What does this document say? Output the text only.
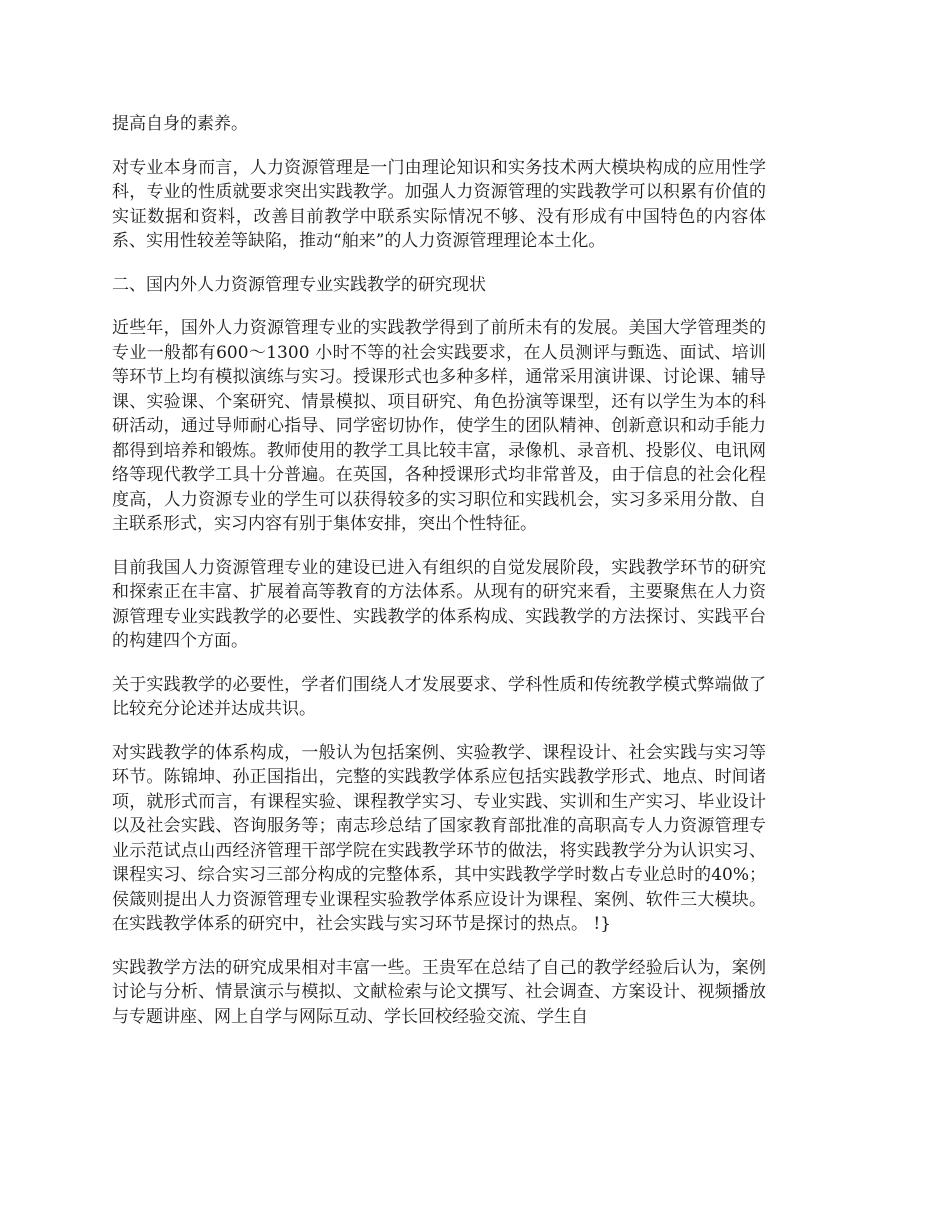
提高自身的素养。

对专业本身而言，人力资源管理是一门由理论知识和实务技术两大模块构成的应用性学科，专业的性质就要求突出实践教学。加强人力资源管理的实践教学可以积累有价值的实证数据和资料，改善目前教学中联系实际情况不够、没有形成有中国特色的内容体系、实用性较差等缺陷，推动“舶来”的人力资源管理理论本土化。

二、国内外人力资源管理专业实践教学的研究现状

近些年，国外人力资源管理专业的实践教学得到了前所未有的发展。美国大学管理类的专业一般都有600～1300 小时不等的社会实践要求，在人员测评与甄选、面试、培训等环节上均有模拟演练与实习。授课形式也多种多样，通常采用演讲课、讨论课、辅导课、实验课、个案研究、情景模拟、项目研究、角色扮演等课型，还有以学生为本的科研活动，通过导师耐心指导、同学密切协作，使学生的团队精神、创新意识和动手能力都得到培养和锻炼。教师使用的教学工具比较丰富，录像机、录音机、投影仪、电讯网络等现代教学工具十分普遍。在英国，各种授课形式均非常普及，由于信息的社会化程度高，人力资源专业的学生可以获得较多的实习职位和实践机会，实习多采用分散、自主联系形式，实习内容有别于集体安排，突出个性特征。

目前我国人力资源管理专业的建设已进入有组织的自觉发展阶段，实践教学环节的研究和探索正在丰富、扩展着高等教育的方法体系。从现有的研究来看，主要聚焦在人力资源管理专业实践教学的必要性、实践教学的体系构成、实践教学的方法探讨、实践平台的构建四个方面。

关于实践教学的必要性，学者们围绕人才发展要求、学科性质和传统教学模式弊端做了比较充分论述并达成共识。

对实践教学的体系构成，一般认为包括案例、实验教学、课程设计、社会实践与实习等环节。陈锦坤、孙正国指出，完整的实践教学体系应包括实践教学形式、地点、时间诸项，就形式而言，有课程实验、课程教学实习、专业实践、实训和生产实习、毕业设计以及社会实践、咨询服务等；南志珍总结了国家教育部批准的高职高专人力资源管理专业示范试点山西经济管理干部学院在实践教学环节的做法，将实践教学分为认识实习、课程实习、综合实习三部分构成的完整体系，其中实践教学学时数占专业总时的40%；侯箴则提出人力资源管理专业课程实验教学体系应设计为课程、案例、软件三大模块。在实践教学体系的研究中，社会实践与实习环节是探讨的热点。 !}

实践教学方法的研究成果相对丰富一些。王贵军在总结了自己的教学经验后认为，案例讨论与分析、情景演示与模拟、文献检索与论文撰写、社会调查、方案设计、视频播放与专题讲座、网上自学与网际互动、学长回校经验交流、学生自
